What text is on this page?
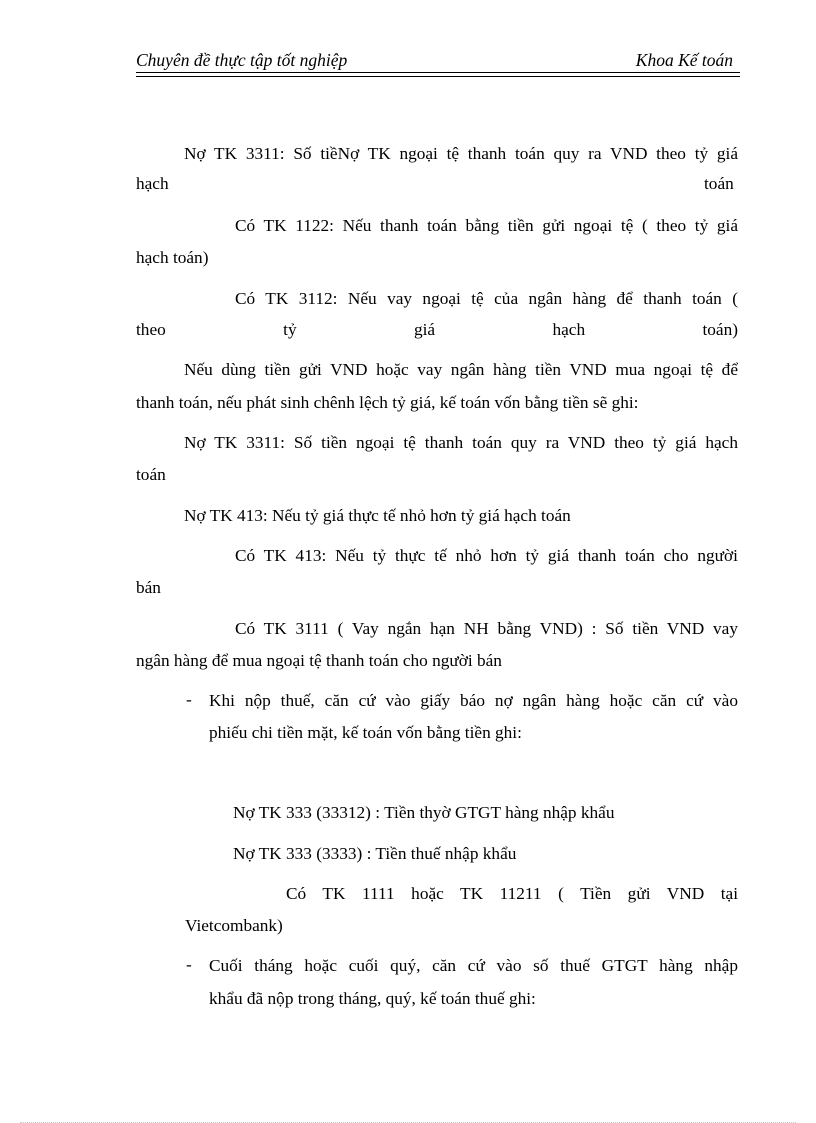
Chuyên đề thực tập tốt nghiệp	Khoa Kế toán
Nợ TK 3311: Số tiềNợ TK ngoại tệ thanh toán quy ra VND theo tỷ giá
hạch	toán
Có TK 1122: Nếu thanh toán bằng tiền gửi ngoại tệ ( theo tỷ giá
hạch toán)
Có TK 3112: Nếu vay ngoại tệ của ngân hàng để thanh toán (
theo tỷ giá hạch toán)
Nếu dùng tiền gửi VND hoặc vay ngân hàng tiền VND mua ngoại tệ để
thanh toán, nếu phát sinh chênh lệch tỷ giá, kế toán vốn bằng tiền sẽ ghi:
Nợ TK 3311: Số tiền ngoại tệ thanh toán quy ra VND theo tỷ giá hạch
toán
Nợ TK 413: Nếu tỷ giá thực tế nhỏ hơn tỷ giá hạch toán
Có TK 413: Nếu tỷ thực tế nhỏ hơn tỷ giá thanh toán cho người
bán
Có TK 3111 ( Vay ngắn hạn NH bằng VND) : Số tiền VND vay
ngân hàng để mua ngoại tệ thanh toán cho người bán
- Khi nộp thuế, căn cứ vào giấy báo nợ ngân hàng hoặc căn cứ vào
phiếu chi tiền mặt, kế toán vốn bằng tiền ghi:
Nợ TK 333 (33312) : Tiền thyờ GTGT hàng nhập khẩu
Nợ TK 333 (3333) : Tiền thuế nhập khẩu
Có TK 1111 hoặc TK 11211 ( Tiền gửi VND tại
Vietcombank)
- Cuối tháng hoặc cuối quý, căn cứ vào số thuế GTGT hàng nhập
khẩu đã nộp trong tháng, quý, kế toán thuế ghi:
